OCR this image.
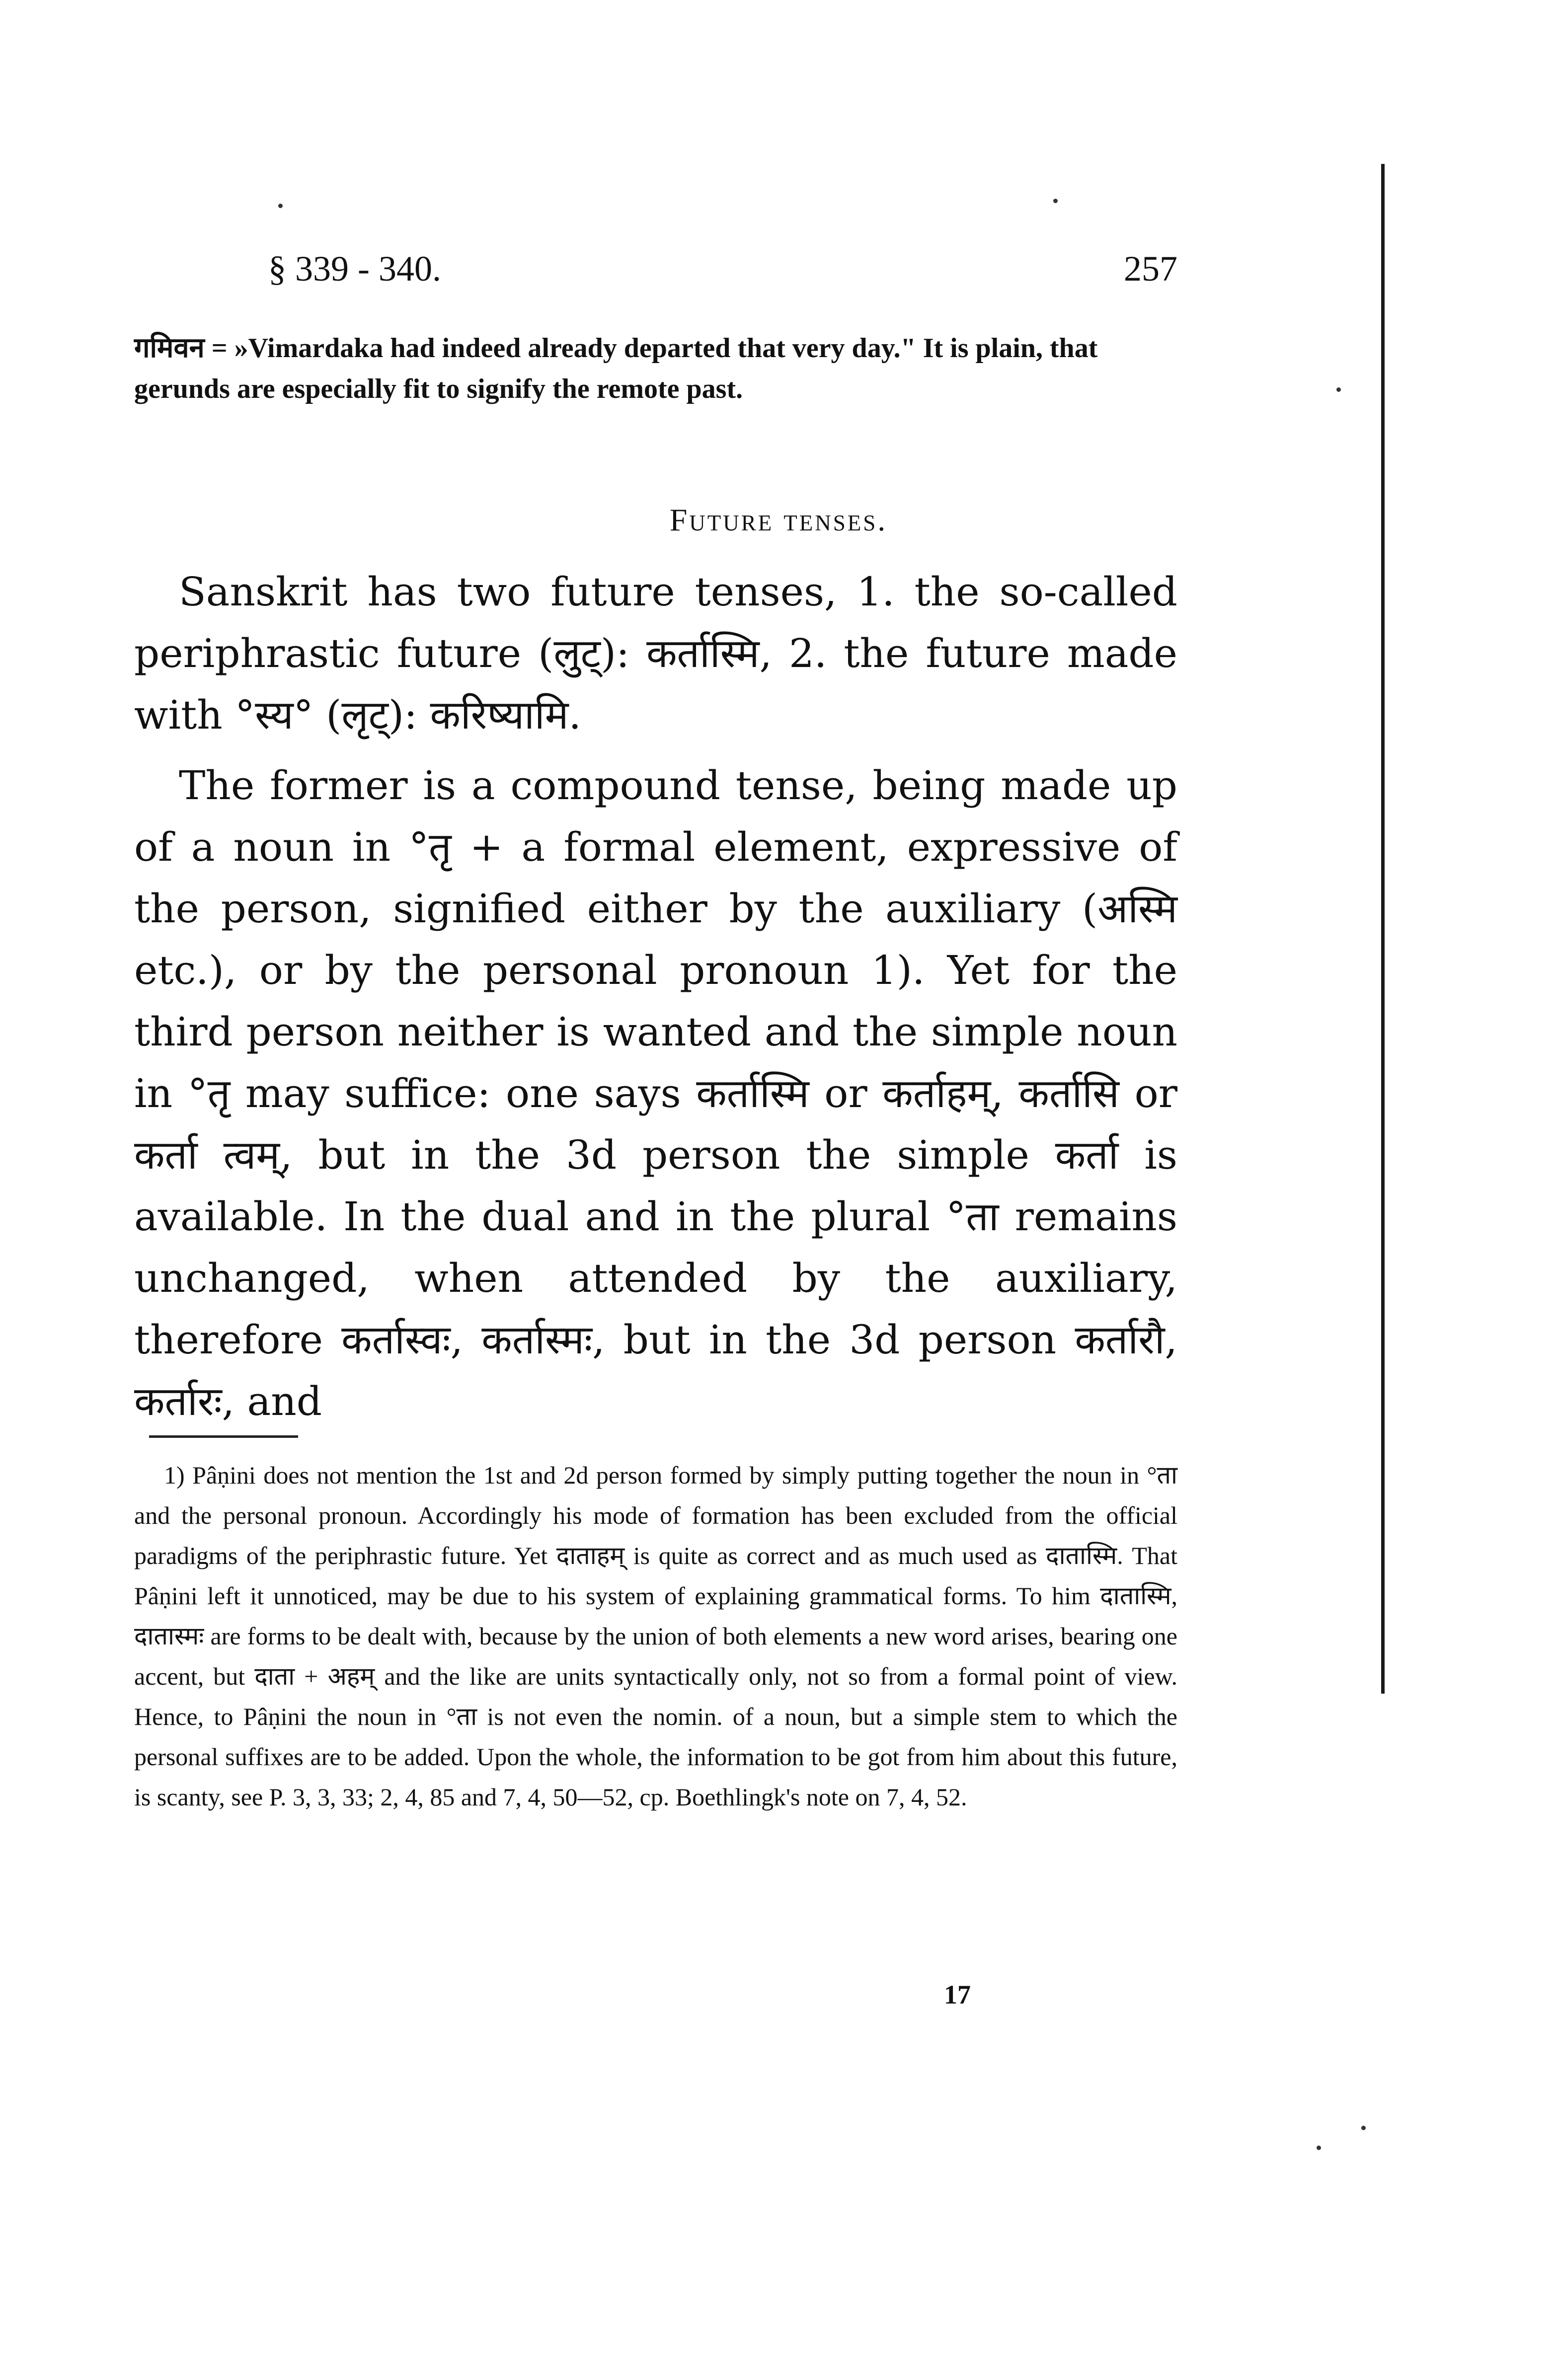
§ 339 - 340.	257

गमिवन = »Vimardaka had indeed already departed that very day." It is plain, that gerunds are especially fit to signify the remote past.

Future tenses.

Sanskrit has two future tenses, 1. the so-called periphrastic future (लुट्): कर्तास्मि, 2. the future made with °स्य° (लृट्): करिष्यामि.

The former is a compound tense, being made up of a noun in °तृ + a formal element, expressive of the person, signified either by the auxiliary (अस्मि etc.), or by the personal pronoun 1). Yet for the third person neither is wanted and the simple noun in °तृ may suffice: one says कर्तास्मि or कर्ताहम्, कर्तासि or कर्ता त्वम्, but in the 3d person the simple कर्ता is available. In the dual and in the plural °ता remains unchanged, when attended by the auxiliary, therefore कर्तास्वः, कर्तास्मः, but in the 3d person कर्तारौ, कर्तारः, and

1) Pâṇini does not mention the 1st and 2d person formed by simply putting together the noun in °ता and the personal pronoun. Accordingly his mode of formation has been excluded from the official paradigms of the periphrastic future. Yet दाताहम् is quite as correct and as much used as दातास्मि. That Pâṇini left it unnoticed, may be due to his system of explaining grammatical forms. To him दातास्मि, दातास्मः are forms to be dealt with, because by the union of both elements a new word arises, bearing one accent, but दाता + अहम् and the like are units syntactically only, not so from a formal point of view. Hence, to Pâṇini the noun in °ता is not even the nomin. of a noun, but a simple stem to which the personal suffixes are to be added. Upon the whole, the information to be got from him about this future, is scanty, see P. 3, 3, 33; 2, 4, 85 and 7, 4, 50—52, cp. Boethlingk's note on 7, 4, 52.

17
